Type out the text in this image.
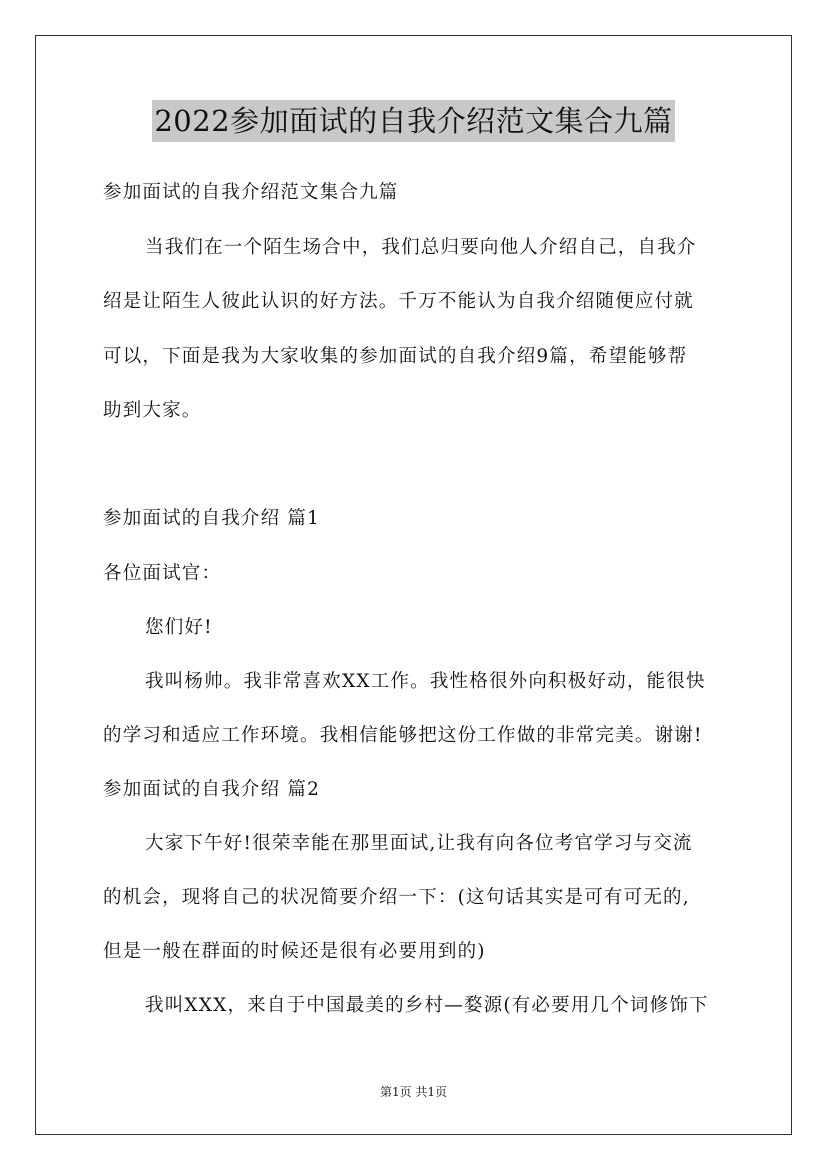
2022参加面试的自我介绍范文集合九篇
参加面试的自我介绍范文集合九篇
当我们在一个陌生场合中，我们总归要向他人介绍自己，自我介
绍是让陌生人彼此认识的好方法。千万不能认为自我介绍随便应付就
可以，下面是我为大家收集的参加面试的自我介绍9篇，希望能够帮
助到大家。
参加面试的自我介绍 篇1
各位面试官：
您们好!
我叫杨帅。我非常喜欢XX工作。我性格很外向积极好动，能很快
的学习和适应工作环境。我相信能够把这份工作做的非常完美。谢谢!
参加面试的自我介绍 篇2
大家下午好!很荣幸能在那里面试,让我有向各位考官学习与交流
的机会，现将自己的状况简要介绍一下：(这句话其实是可有可无的,
但是一般在群面的时候还是很有必要用到的)
我叫XXX，来自于中国最美的乡村—婺源(有必要用几个词修饰下
第1页 共1页
